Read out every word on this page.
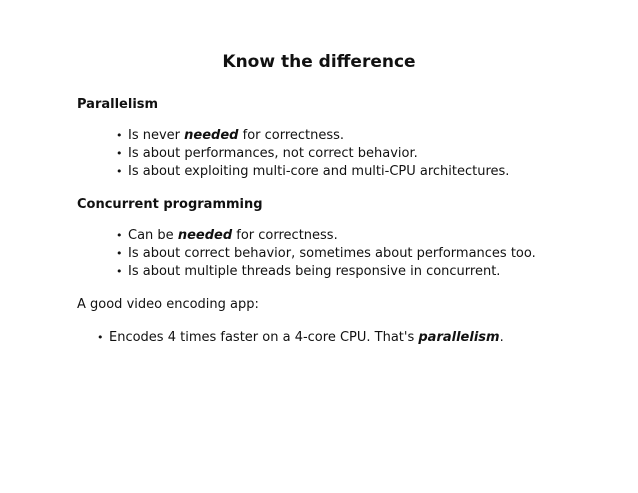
Know the difference
Parallelism
• Is never needed for correctness.
• Is about performances, not correct behavior.
• Is about exploiting multi-core and multi-CPU architectures.
Concurrent programming
• Can be needed for correctness.
• Is about correct behavior, sometimes about performances too.
• Is about multiple threads being responsive in concurrent.
A good video encoding app:
• Encodes 4 times faster on a 4-core CPU. That's parallelism.
